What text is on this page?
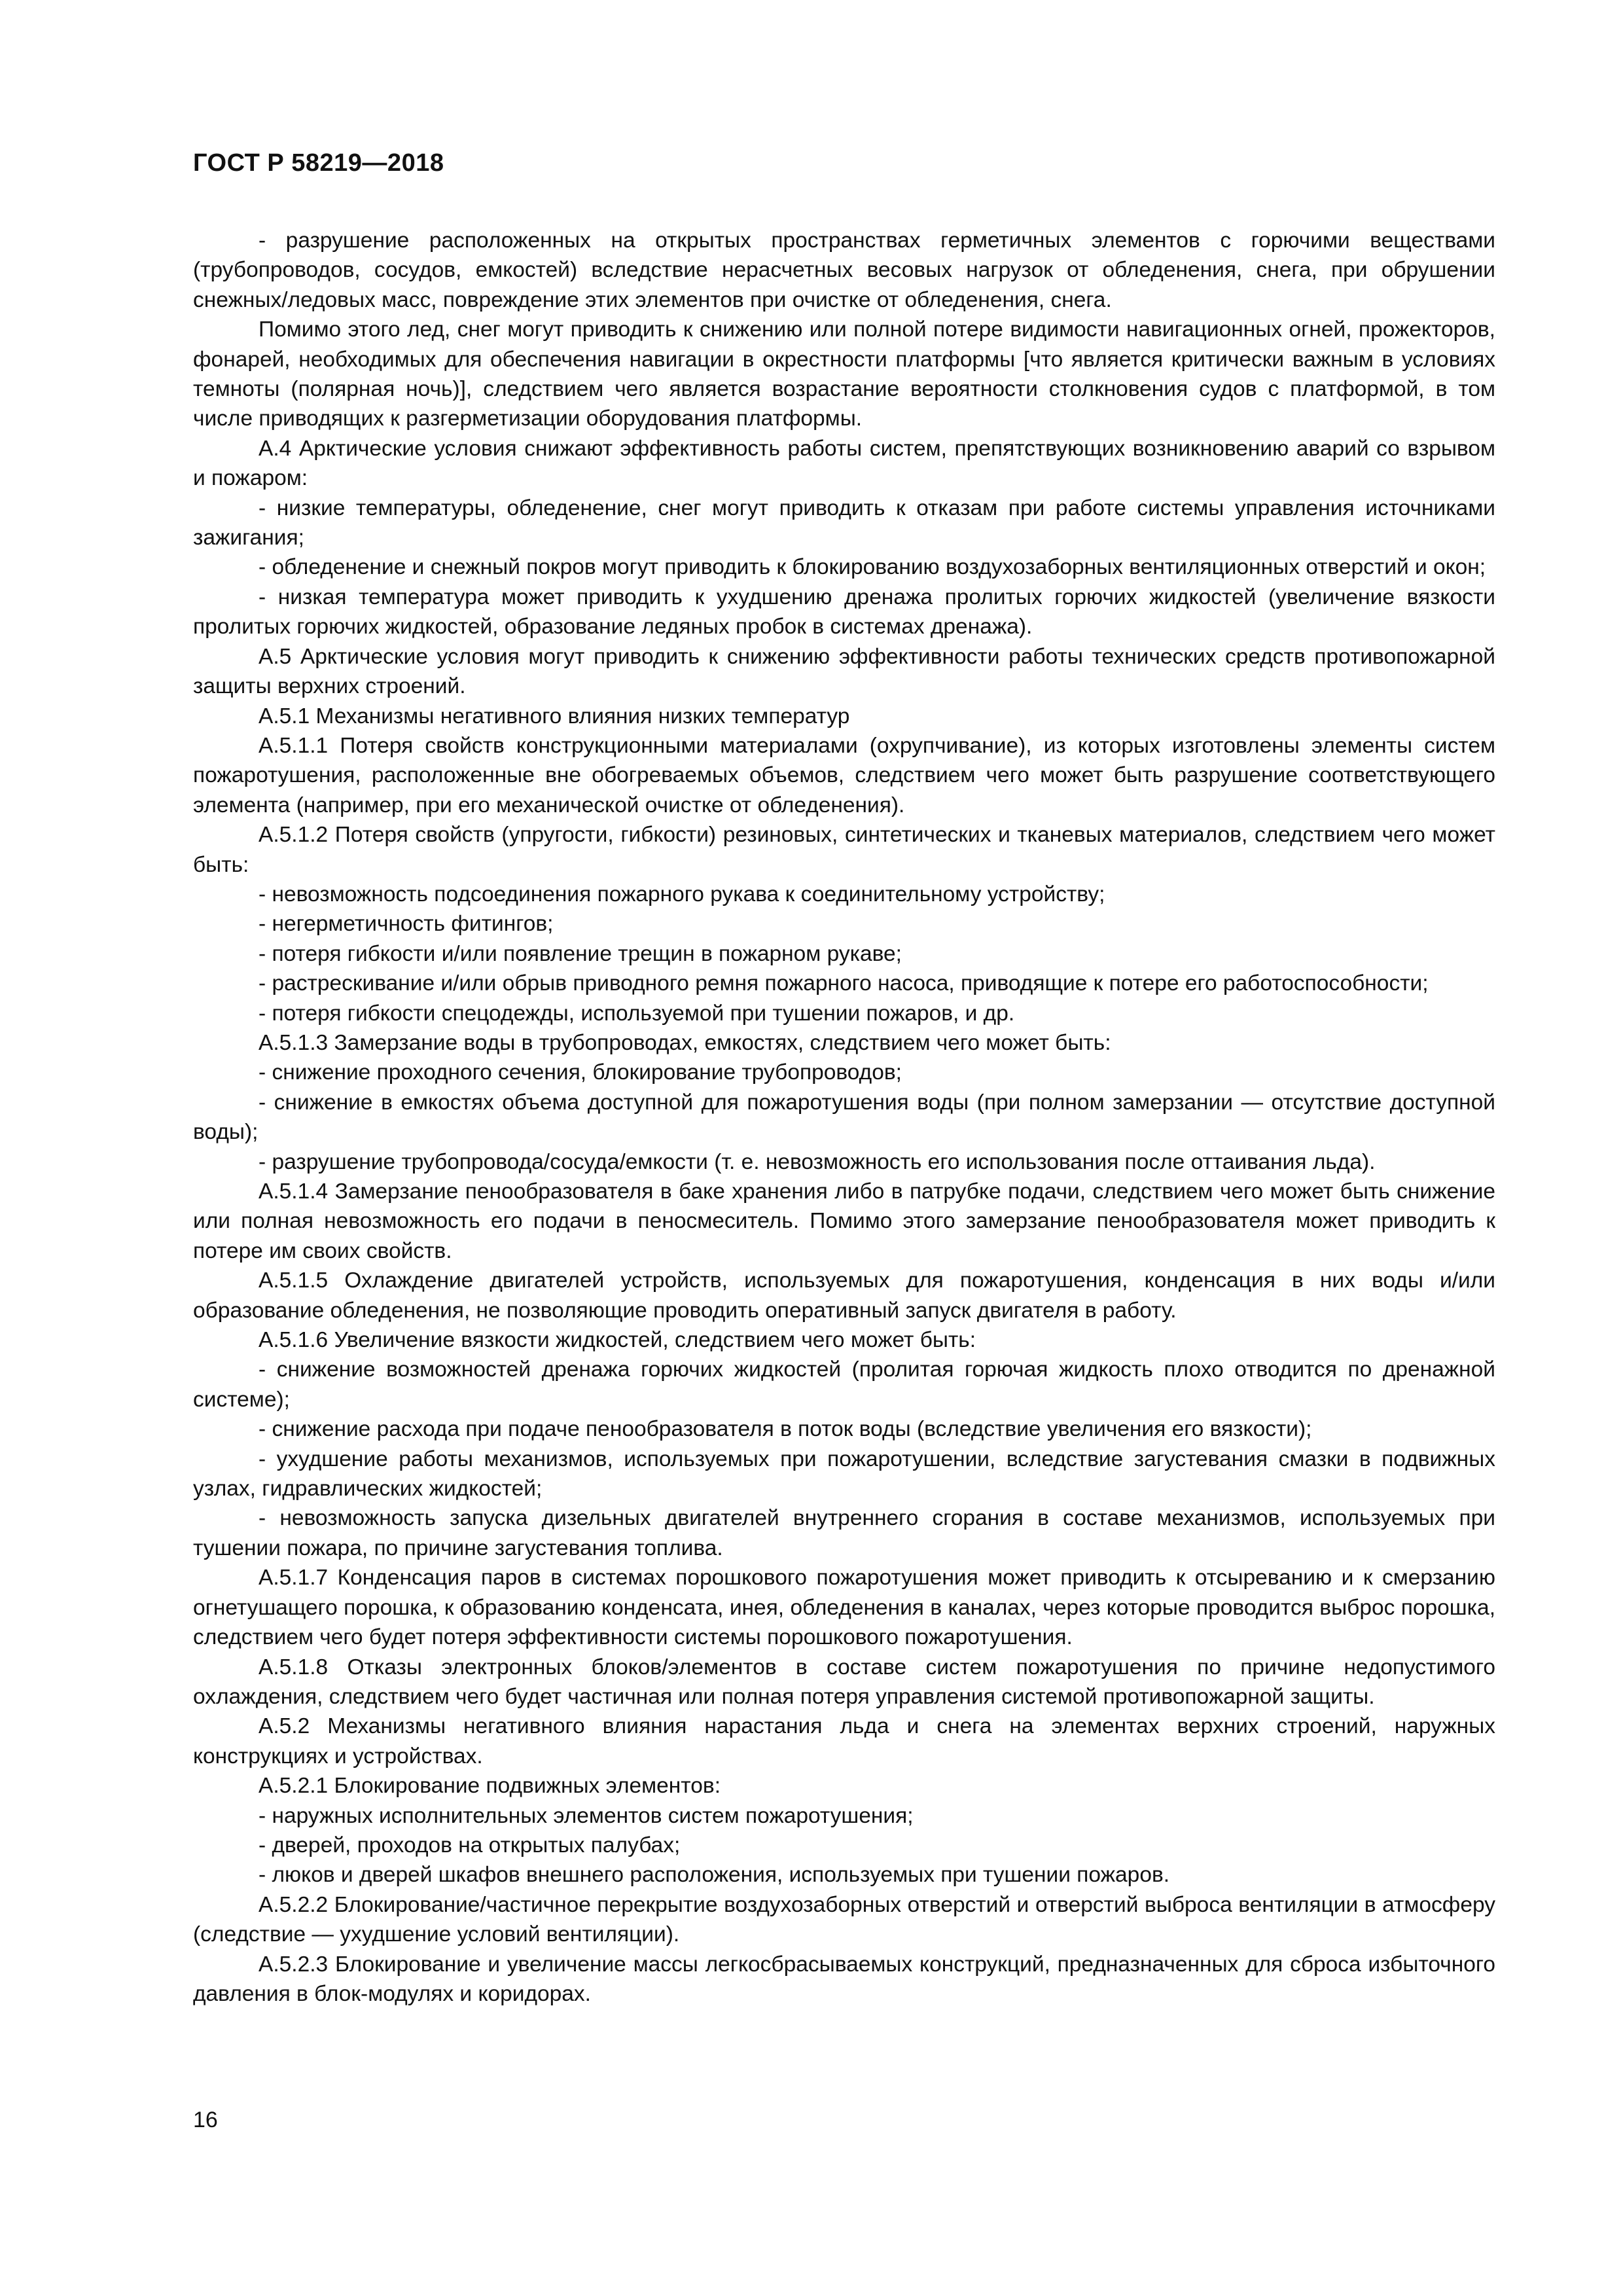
ГОСТ Р 58219—2018

- разрушение расположенных на открытых пространствах герметичных элементов с горючими веществами (трубопроводов, сосудов, емкостей) вследствие нерасчетных весовых нагрузок от обледенения, снега, при обрушении снежных/ледовых масс, повреждение этих элементов при очистке от обледенения, снега.

Помимо этого лед, снег могут приводить к снижению или полной потере видимости навигационных огней, прожекторов, фонарей, необходимых для обеспечения навигации в окрестности платформы [что является критически важным в условиях темноты (полярная ночь)], следствием чего является возрастание вероятности столкновения судов с платформой, в том числе приводящих к разгерметизации оборудования платформы.

А.4 Арктические условия снижают эффективность работы систем, препятствующих возникновению аварий со взрывом и пожаром:

- низкие температуры, обледенение, снег могут приводить к отказам при работе системы управления источниками зажигания;

- обледенение и снежный покров могут приводить к блокированию воздухозаборных вентиляционных отверстий и окон;

- низкая температура может приводить к ухудшению дренажа пролитых горючих жидкостей (увеличение вязкости пролитых горючих жидкостей, образование ледяных пробок в системах дренажа).

А.5 Арктические условия могут приводить к снижению эффективности работы технических средств противопожарной защиты верхних строений.

А.5.1 Механизмы негативного влияния низких температур

А.5.1.1 Потеря свойств конструкционными материалами (охрупчивание), из которых изготовлены элементы систем пожаротушения, расположенные вне обогреваемых объемов, следствием чего может быть разрушение соответствующего элемента (например, при его механической очистке от обледенения).

А.5.1.2 Потеря свойств (упругости, гибкости) резиновых, синтетических и тканевых материалов, следствием чего может быть:

- невозможность подсоединения пожарного рукава к соединительному устройству;

- негерметичность фитингов;

- потеря гибкости и/или появление трещин в пожарном рукаве;

- растрескивание и/или обрыв приводного ремня пожарного насоса, приводящие к потере его работоспособности;

- потеря гибкости спецодежды, используемой при тушении пожаров, и др.

А.5.1.3 Замерзание воды в трубопроводах, емкостях, следствием чего может быть:

- снижение проходного сечения, блокирование трубопроводов;

- снижение в емкостях объема доступной для пожаротушения воды (при полном замерзании — отсутствие доступной воды);

- разрушение трубопровода/сосуда/емкости (т. е. невозможность его использования после оттаивания льда).

А.5.1.4 Замерзание пенообразователя в баке хранения либо в патрубке подачи, следствием чего может быть снижение или полная невозможность его подачи в пеносмеситель. Помимо этого замерзание пенообразователя может приводить к потере им своих свойств.

А.5.1.5 Охлаждение двигателей устройств, используемых для пожаротушения, конденсация в них воды и/или образование обледенения, не позволяющие проводить оперативный запуск двигателя в работу.

А.5.1.6 Увеличение вязкости жидкостей, следствием чего может быть:

- снижение возможностей дренажа горючих жидкостей (пролитая горючая жидкость плохо отводится по дренажной системе);

- снижение расхода при подаче пенообразователя в поток воды (вследствие увеличения его вязкости);

- ухудшение работы механизмов, используемых при пожаротушении, вследствие загустевания смазки в подвижных узлах, гидравлических жидкостей;

- невозможность запуска дизельных двигателей внутреннего сгорания в составе механизмов, используемых при тушении пожара, по причине загустевания топлива.

А.5.1.7 Конденсация паров в системах порошкового пожаротушения может приводить к отсыреванию и к смерзанию огнетушащего порошка, к образованию конденсата, инея, обледенения в каналах, через которые проводится выброс порошка, следствием чего будет потеря эффективности системы порошкового пожаротушения.

А.5.1.8 Отказы электронных блоков/элементов в составе систем пожаротушения по причине недопустимого охлаждения, следствием чего будет частичная или полная потеря управления системой противопожарной защиты.

А.5.2 Механизмы негативного влияния нарастания льда и снега на элементах верхних строений, наружных конструкциях и устройствах.

А.5.2.1 Блокирование подвижных элементов:

- наружных исполнительных элементов систем пожаротушения;

- дверей, проходов на открытых палубах;

- люков и дверей шкафов внешнего расположения, используемых при тушении пожаров.

А.5.2.2 Блокирование/частичное перекрытие воздухозаборных отверстий и отверстий выброса вентиляции в атмосферу (следствие — ухудшение условий вентиляции).

А.5.2.3 Блокирование и увеличение массы легкосбрасываемых конструкций, предназначенных для сброса избыточного давления в блок-модулях и коридорах.

16
